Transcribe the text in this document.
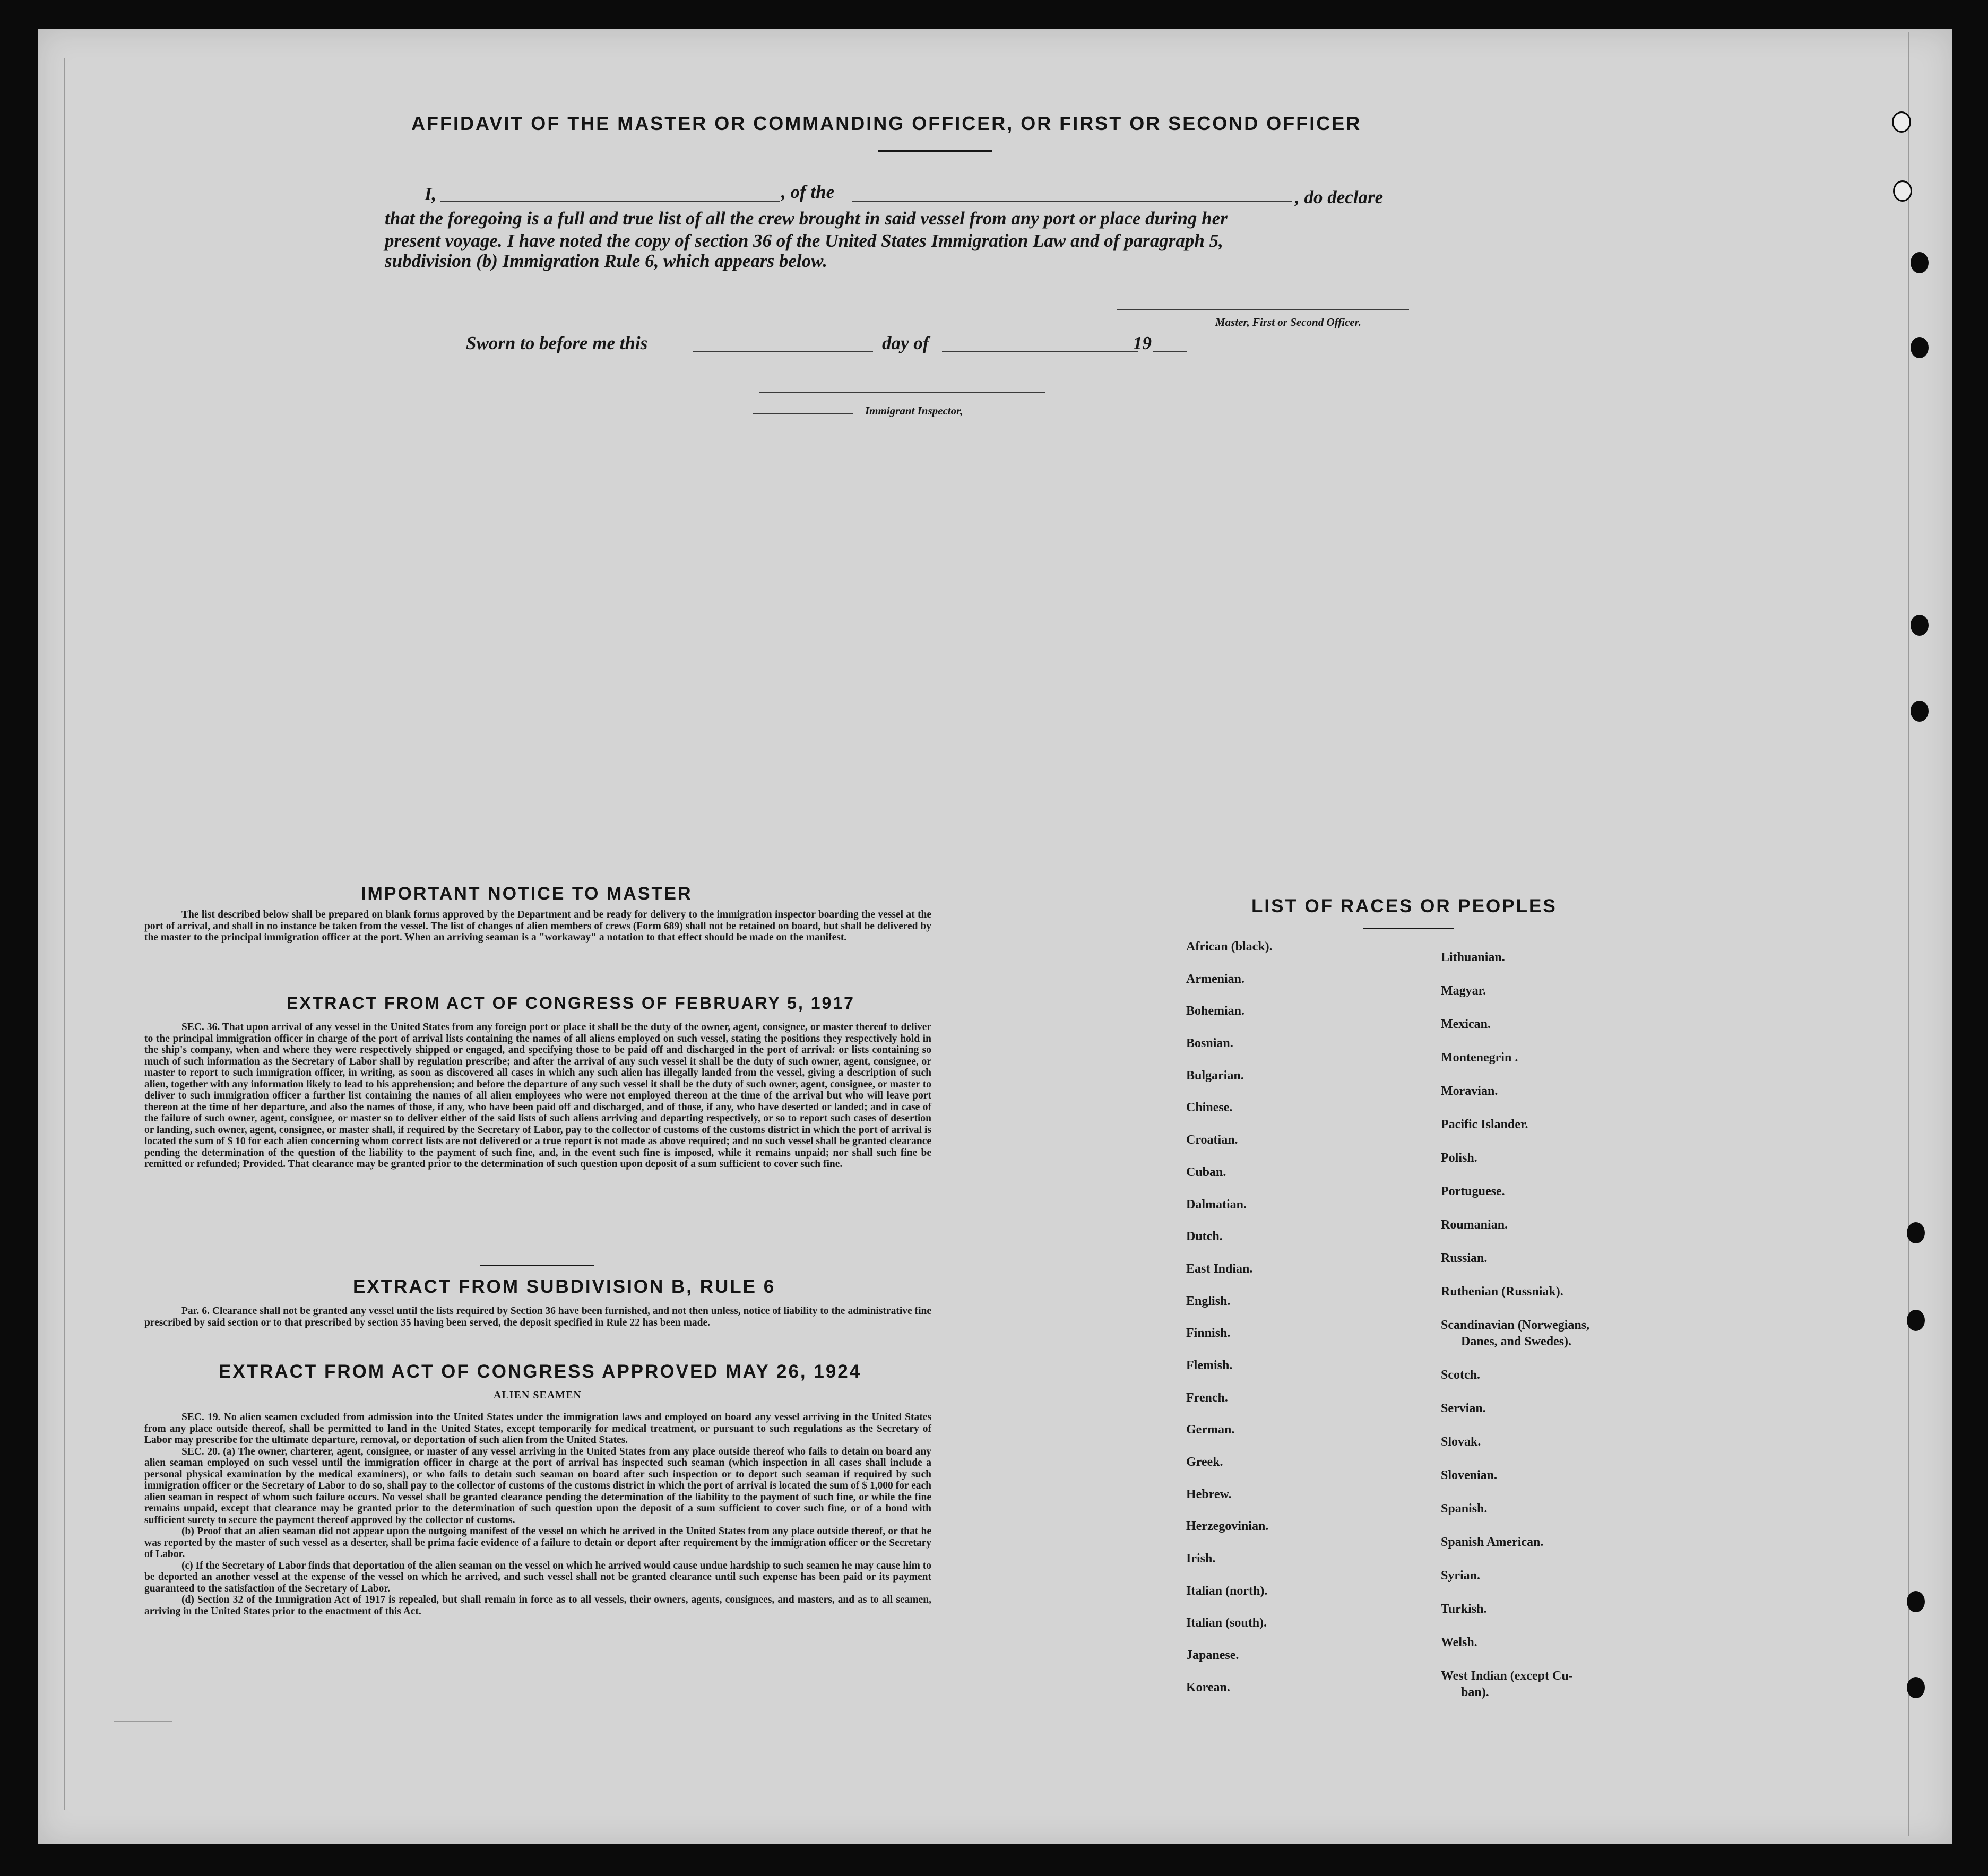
AFFIDAVIT OF THE MASTER OR COMMANDING OFFICER, OR FIRST OR SECOND OFFICER
I,	, of the	, do declare
that the foregoing is a full and true list of all the crew brought in said vessel from any port or place during her
present voyage. I have noted the copy of section 36 of the United States Immigration Law and of paragraph 5,
subdivision (b) Immigration Rule 6, which appears below.
Master, First or Second Officer.
Sworn to before me this	day of	19
Immigrant Inspector,
IMPORTANT NOTICE TO MASTER

The list described below shall be prepared on blank forms approved by the Department and be ready for delivery to the immigration inspector boarding the vessel at the port of arrival, and shall in no instance be taken from the vessel. The list of changes of alien members of crews (Form 689) shall not be retained on board, but shall be delivered by the master to the principal immigration officer at the port. When an arriving seaman is a "workaway" a notation to that effect should be made on the manifest.

EXTRACT FROM ACT OF CONGRESS OF FEBRUARY 5, 1917

SEC. 36. That upon arrival of any vessel in the United States from any foreign port or place it shall be the duty of the owner, agent, consignee, or master thereof to deliver to the principal immigration officer in charge of the port of arrival lists containing the names of all aliens employed on such vessel, stating the positions they respectively hold in the ship's company, when and where they were respectively shipped or engaged, and specifying those to be paid off and discharged in the port of arrival: or lists containing so much of such information as the Secretary of Labor shall by regulation prescribe; and after the arrival of any such vessel it shall be the duty of such owner, agent, consignee, or master to report to such immigration officer, in writing, as soon as discovered all cases in which any such alien has illegally landed from the vessel, giving a description of such alien, together with any information likely to lead to his apprehension; and before the departure of any such vessel it shall be the duty of such owner, agent, consignee, or master to deliver to such immigration officer a further list containing the names of all alien employees who were not employed thereon at the time of the arrival but who will leave port thereon at the time of her departure, and also the names of those, if any, who have been paid off and discharged, and of those, if any, who have deserted or landed; and in case of the failure of such owner, agent, consignee, or master so to deliver either of the said lists of such aliens arriving and departing respectively, or so to report such cases of desertion or landing, such owner, agent, consignee, or master shall, if required by the Secretary of Labor, pay to the collector of customs of the customs district in which the port of arrival is located the sum of $ 10 for each alien concerning whom correct lists are not delivered or a true report is not made as above required; and no such vessel shall be granted clearance pending the determination of the question of the liability to the payment of such fine, and, in the event such fine is imposed, while it remains unpaid; nor shall such fine be remitted or refunded; Provided. That clearance may be granted prior to the determination of such question upon deposit of a sum sufficient to cover such fine.

EXTRACT FROM SUBDIVISION B, RULE 6

Par. 6. Clearance shall not be granted any vessel until the lists required by Section 36 have been furnished, and not then unless, notice of liability to the administrative fine prescribed by said section or to that prescribed by section 35 having been served, the deposit specified in Rule 22 has been made.

EXTRACT FROM ACT OF CONGRESS APPROVED MAY 26, 1924
ALIEN SEAMEN

SEC. 19. No alien seamen excluded from admission into the United States under the immigration laws and employed on board any vessel arriving in the United States from any place outside thereof, shall be permitted to land in the United States, except temporarily for medical treatment, or pursuant to such regulations as the Secretary of Labor may prescribe for the ultimate departure, removal, or deportation of such alien from the United States.

SEC. 20. (a) The owner, charterer, agent, consignee, or master of any vessel arriving in the United States from any place outside thereof who fails to detain on board any alien seaman employed on such vessel until the immigration officer in charge at the port of arrival has inspected such seaman (which inspection in all cases shall include a personal physical examination by the medical examiners), or who fails to detain such seaman on board after such inspection or to deport such seaman if required by such immigration officer or the Secretary of Labor to do so, shall pay to the collector of customs of the customs district in which the port of arrival is located the sum of $ 1,000 for each alien seaman in respect of whom such failure occurs. No vessel shall be granted clearance pending the determination of the liability to the payment of such fine, or while the fine remains unpaid, except that clearance may be granted prior to the determination of such question upon the deposit of a sum sufficient to cover such fine, or of a bond with sufficient surety to secure the payment thereof approved by the collector of customs.

(b) Proof that an alien seaman did not appear upon the outgoing manifest of the vessel on which he arrived in the United States from any place outside thereof, or that he was reported by the master of such vessel as a deserter, shall be prima facie evidence of a failure to detain or deport after requirement by the immigration officer or the Secretary of Labor.

(c) If the Secretary of Labor finds that deportation of the alien seaman on the vessel on which he arrived would cause undue hardship to such seamen he may cause him to be deported an another vessel at the expense of the vessel on which he arrived, and such vessel shall not be granted clearance until such expense has been paid or its payment guaranteed to the satisfaction of the Secretary of Labor.

(d) Section 32 of the Immigration Act of 1917 is repealed, but shall remain in force as to all vessels, their owners, agents, consignees, and masters, and as to all seamen, arriving in the United States prior to the enactment of this Act.

LIST OF RACES OR PEOPLES
African (black).
Armenian.
Bohemian.
Bosnian.
Bulgarian.
Chinese.
Croatian.
Cuban.
Dalmatian.
Dutch.
East Indian.
English.
Finnish.
Flemish.
French.
German.
Greek.
Hebrew.
Herzegovinian.
Irish.
Italian (north).
Italian (south).
Japanese.
Korean.
Lithuanian.
Magyar.
Mexican.
Montenegrin .
Moravian.
Pacific Islander.
Polish.
Portuguese.
Roumanian.
Russian.
Ruthenian (Russniak).
Scandinavian (Norwegians,
Danes, and Swedes).
Scotch.
Servian.
Slovak.
Slovenian.
Spanish.
Spanish American.
Syrian.
Turkish.
Welsh.
West Indian (except Cu-
ban).
